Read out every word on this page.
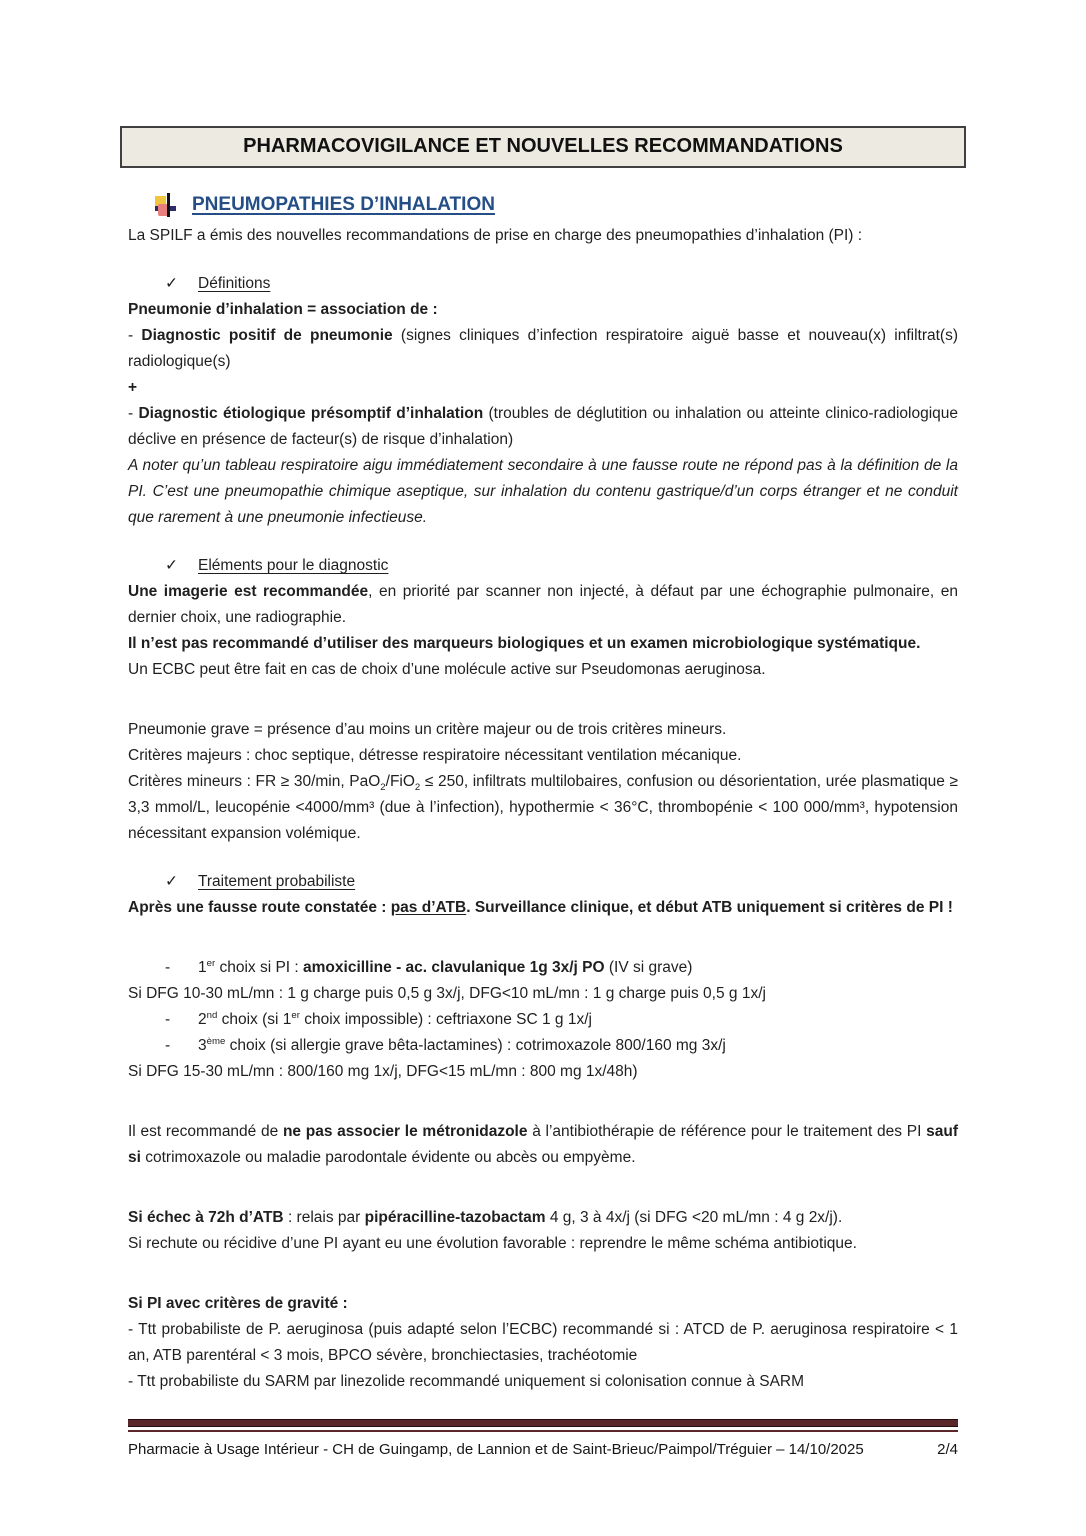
PHARMACOVIGILANCE ET NOUVELLES RECOMMANDATIONS
PNEUMOPATHIES D’INHALATION

La SPILF a émis des nouvelles recommandations de prise en charge des pneumopathies d’inhalation (PI) :

✓ Définitions

Pneumonie d’inhalation = association de :

- Diagnostic positif de pneumonie (signes cliniques d’infection respiratoire aiguë basse et nouveau(x) infiltrat(s) radiologique(s)

+

- Diagnostic étiologique présomptif d’inhalation (troubles de déglutition ou inhalation ou atteinte clinico-radiologique déclive en présence de facteur(s) de risque d’inhalation)

A noter qu’un tableau respiratoire aigu immédiatement secondaire à une fausse route ne répond pas à la définition de la PI. C’est une pneumopathie chimique aseptique, sur inhalation du contenu gastrique/d’un corps étranger et ne conduit que rarement à une pneumonie infectieuse.

✓ Eléments pour le diagnostic

Une imagerie est recommandée, en priorité par scanner non injecté, à défaut par une échographie pulmonaire, en dernier choix, une radiographie.

Il n’est pas recommandé d’utiliser des marqueurs biologiques et un examen microbiologique systématique.

Un ECBC peut être fait en cas de choix d’une molécule active sur Pseudomonas aeruginosa.

Pneumonie grave = présence d’au moins un critère majeur ou de trois critères mineurs.

Critères majeurs : choc septique, détresse respiratoire nécessitant ventilation mécanique.

Critères mineurs : FR ≥ 30/min, PaO$_2$/FiO$_2$ ≤ 250, infiltrats multilobaires, confusion ou désorientation, urée plasmatique ≥ 3,3 mmol/L, leucopénie <4000/mm³ (due à l’infection), hypothermie < 36°C, thrombopénie < 100 000/mm³, hypotension nécessitant expansion volémique.

✓ Traitement probabiliste

Après une fausse route constatée : pas d’ATB. Surveillance clinique, et début ATB uniquement si critères de PI !

-	1er choix si PI : amoxicilline - ac. clavulanique 1g 3x/j PO (IV si grave)

Si DFG 10-30 mL/mn : 1 g charge puis 0,5 g 3x/j, DFG<10 mL/mn : 1 g charge puis 0,5 g 1x/j

-	2nd choix (si 1er choix impossible) : ceftriaxone SC 1 g 1x/j
-	3ème choix (si allergie grave bêta-lactamines) : cotrimoxazole 800/160 mg 3x/j

Si DFG 15-30 mL/mn : 800/160 mg 1x/j, DFG<15 mL/mn : 800 mg 1x/48h)

Il est recommandé de ne pas associer le métronidazole à l’antibiothérapie de référence pour le traitement des PI sauf si cotrimoxazole ou maladie parodontale évidente ou abcès ou empyème.

Si échec à 72h d’ATB : relais par pipéracilline-tazobactam 4 g, 3 à 4x/j (si DFG <20 mL/mn : 4 g 2x/j).

Si rechute ou récidive d’une PI ayant eu une évolution favorable : reprendre le même schéma antibiotique.

Si PI avec critères de gravité :

- Ttt probabiliste de P. aeruginosa (puis adapté selon l’ECBC) recommandé si : ATCD de P. aeruginosa respiratoire < 1 an, ATB parentéral < 3 mois, BPCO sévère, bronchiectasies, trachéotomie

- Ttt probabiliste du SARM par linezolide recommandé uniquement si colonisation connue à SARM

Pharmacie à Usage Intérieur - CH de Guingamp, de Lannion et de Saint-Brieuc/Paimpol/Tréguier – 14/10/2025	2/4
